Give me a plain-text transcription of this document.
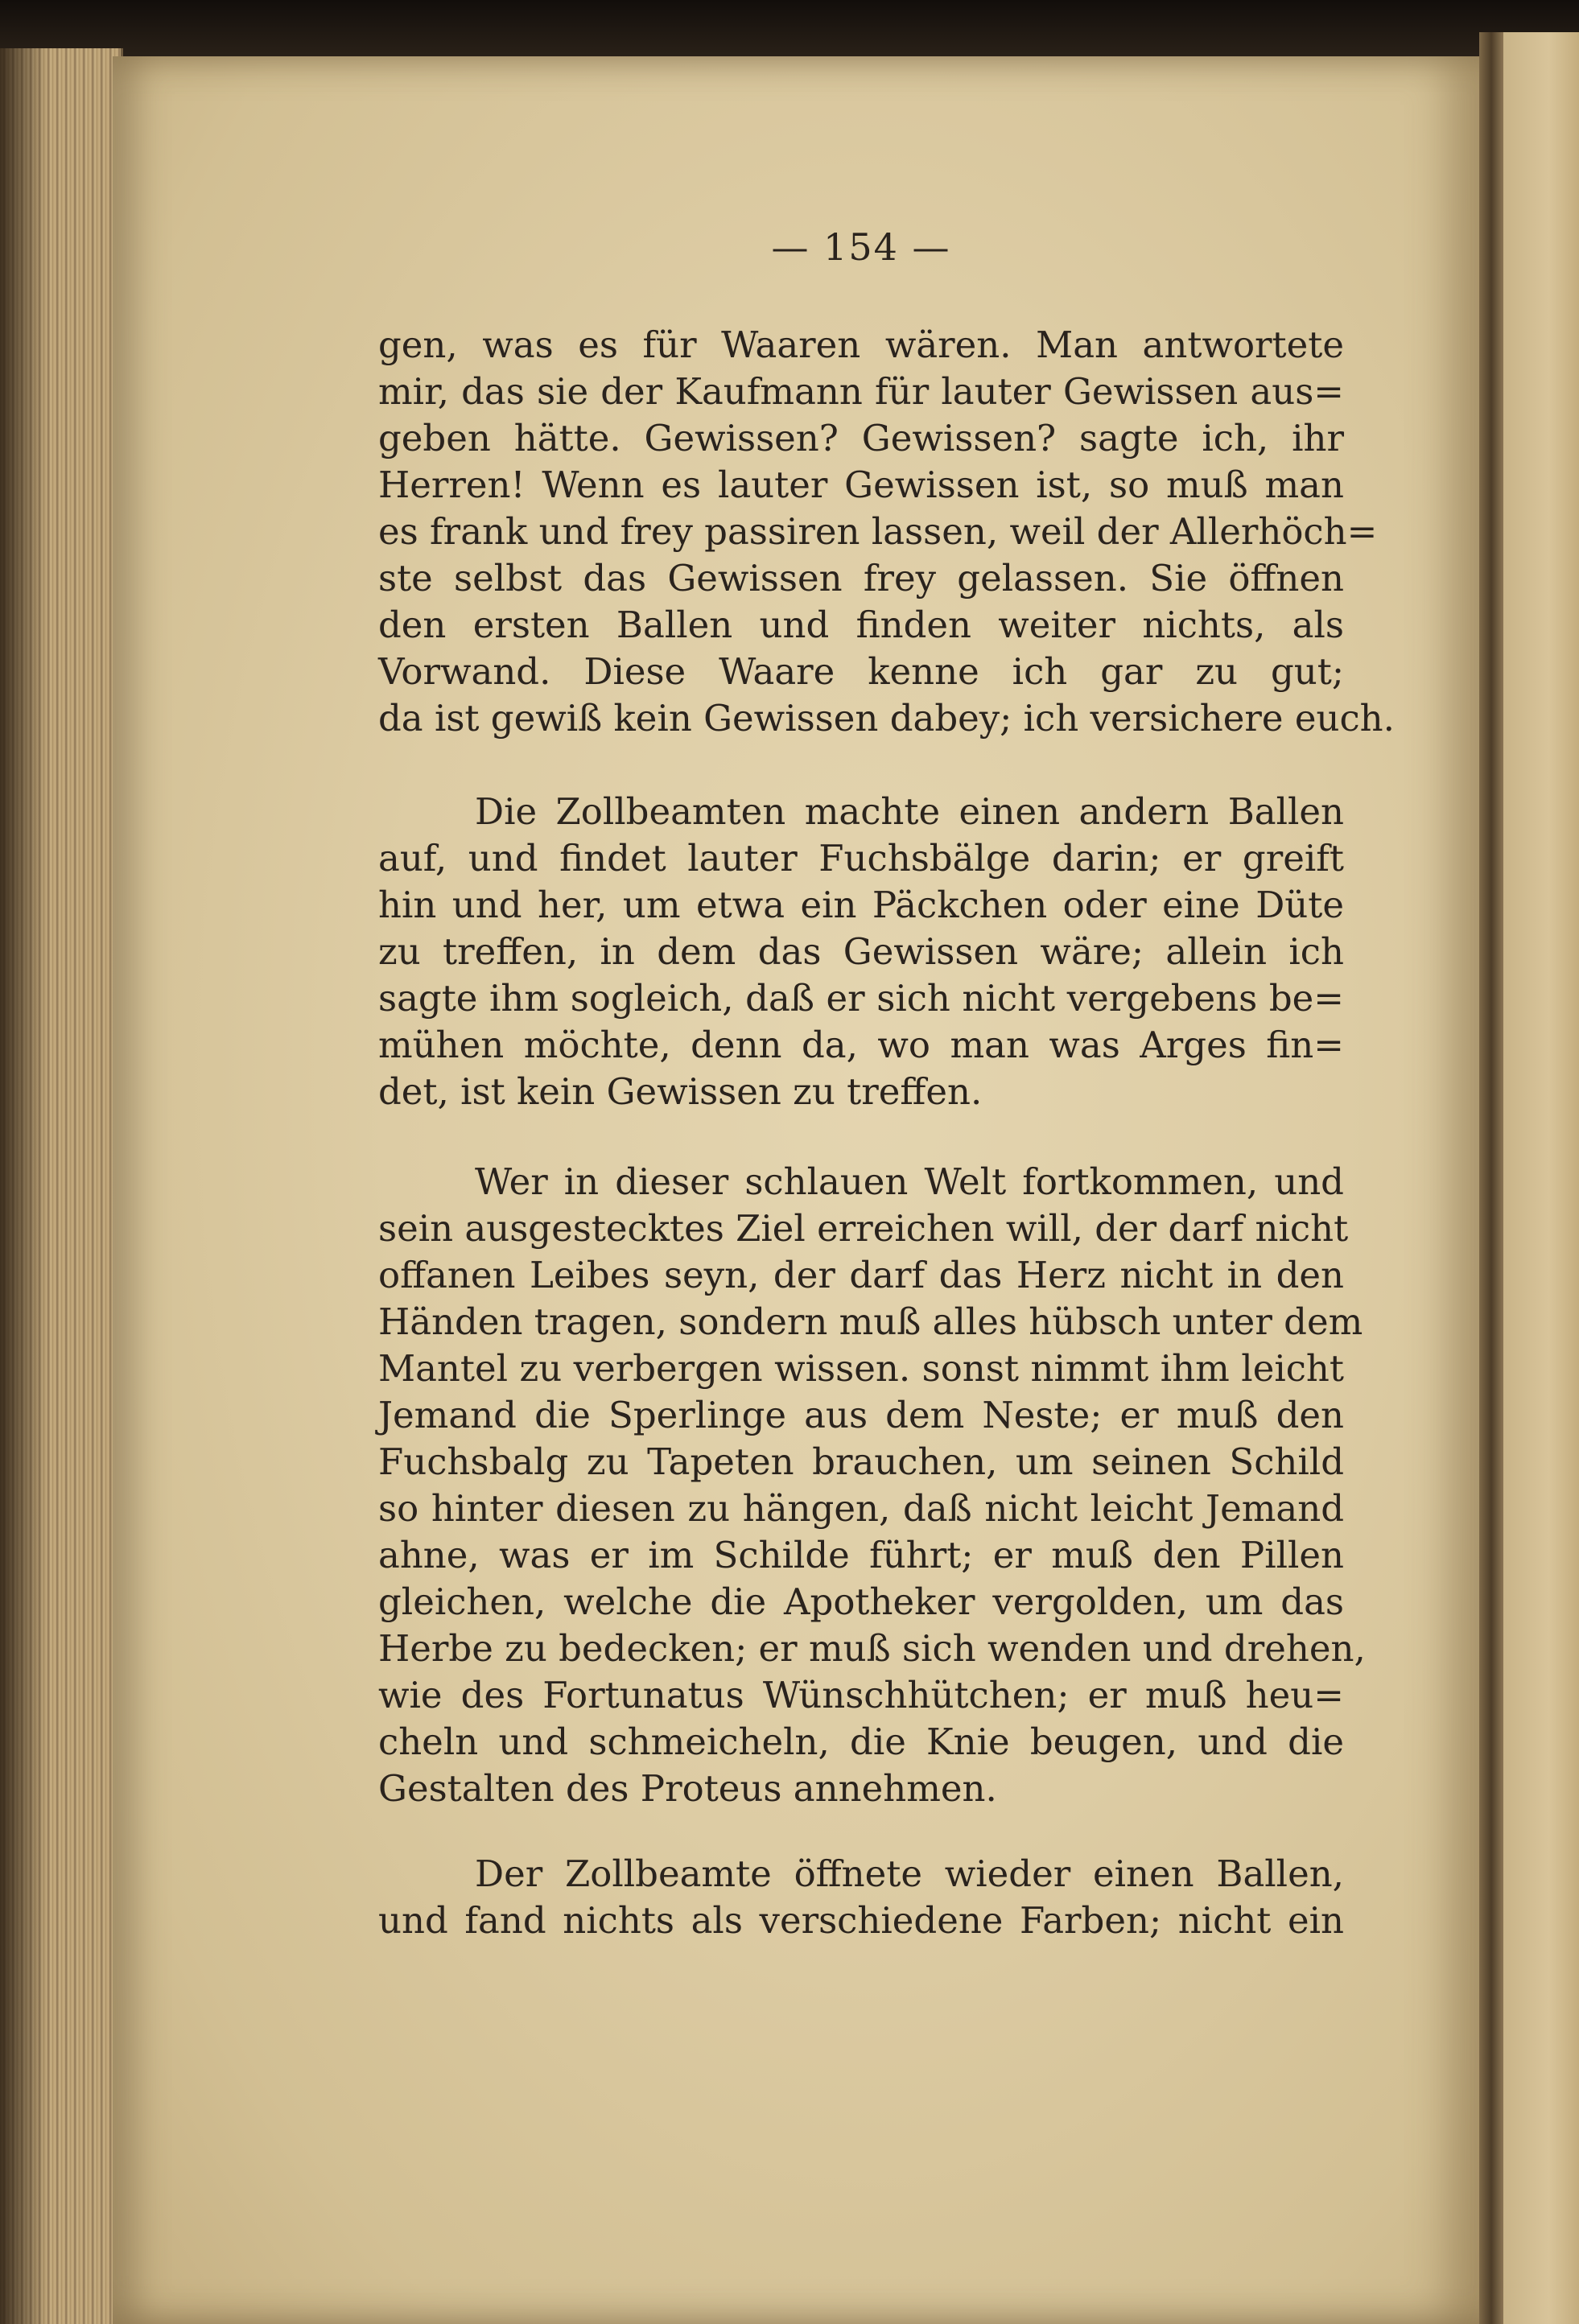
— 154 —
gen, was es für Waaren wären. Man antwortete
mir, das sie der Kaufmann für lauter Gewissen aus=
geben hätte. Gewissen? Gewissen? sagte ich, ihr
Herren! Wenn es lauter Gewissen ist, so muß man
es frank und frey passiren lassen, weil der Allerhöch=
ste selbst das Gewissen frey gelassen. Sie öffnen
den ersten Ballen und finden weiter nichts, als
Vorwand. Diese Waare kenne ich gar zu gut;
da ist gewiß kein Gewissen dabey; ich versichere euch.
Die Zollbeamten machte einen andern Ballen
auf, und findet lauter Fuchsbälge darin; er greift
hin und her, um etwa ein Päckchen oder eine Düte
zu treffen, in dem das Gewissen wäre; allein ich
sagte ihm sogleich, daß er sich nicht vergebens be=
mühen möchte, denn da, wo man was Arges fin=
det, ist kein Gewissen zu treffen.
Wer in dieser schlauen Welt fortkommen, und
sein ausgestecktes Ziel erreichen will, der darf nicht
offanen Leibes seyn, der darf das Herz nicht in den
Händen tragen, sondern muß alles hübsch unter dem
Mantel zu verbergen wissen. sonst nimmt ihm leicht
Jemand die Sperlinge aus dem Neste; er muß den
Fuchsbalg zu Tapeten brauchen, um seinen Schild
so hinter diesen zu hängen, daß nicht leicht Jemand
ahne, was er im Schilde führt; er muß den Pillen
gleichen, welche die Apotheker vergolden, um das
Herbe zu bedecken; er muß sich wenden und drehen,
wie des Fortunatus Wünschhütchen; er muß heu=
cheln und schmeicheln, die Knie beugen, und die
Gestalten des Proteus annehmen.
Der Zollbeamte öffnete wieder einen Ballen,
und fand nichts als verschiedene Farben; nicht ein
